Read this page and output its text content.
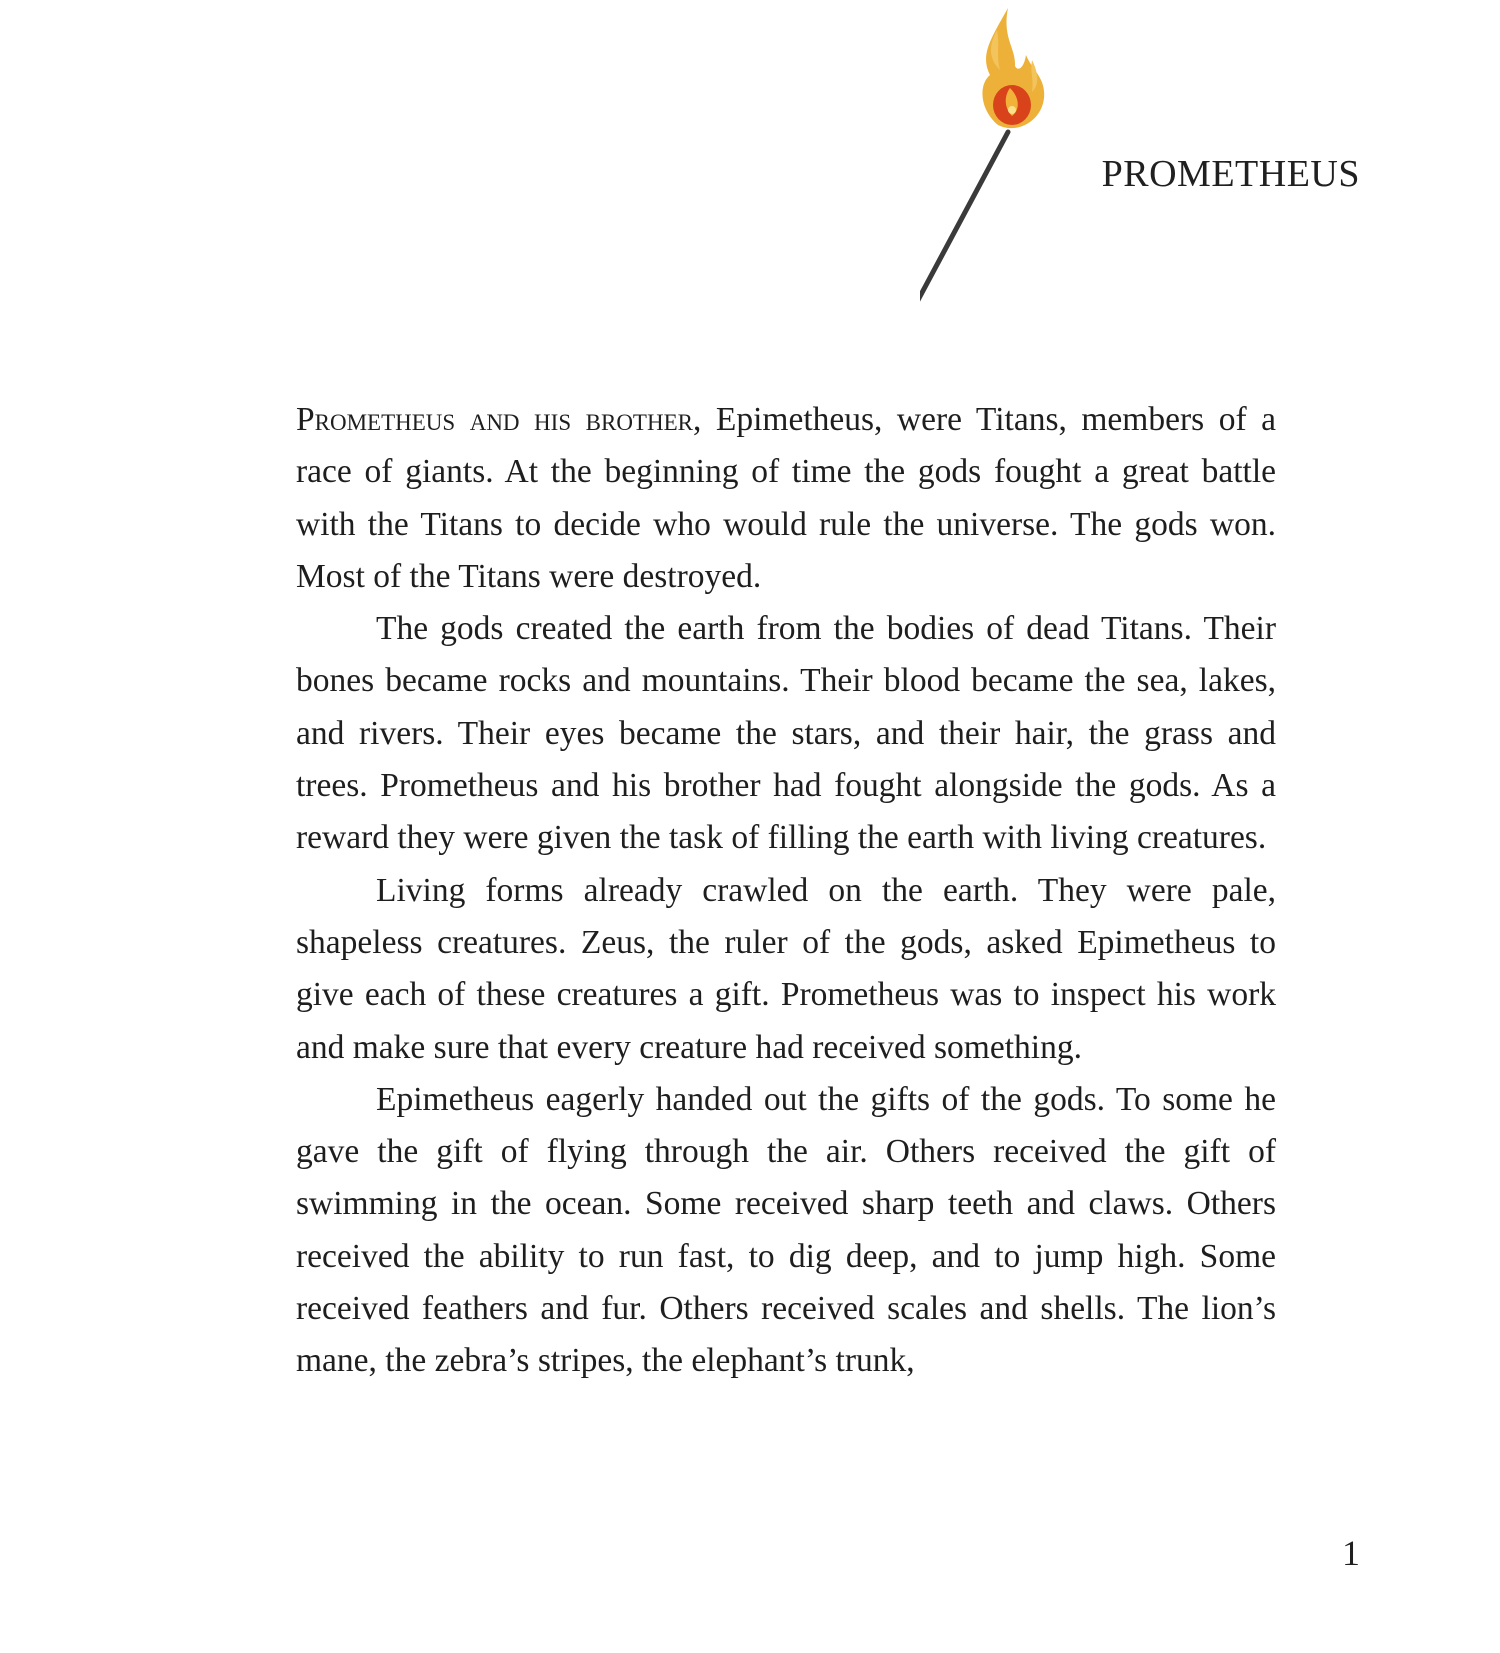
PROMETHEUS

Prometheus and his brother, Epimetheus, were Titans, members of a race of giants. At the beginning of time the gods fought a great battle with the Titans to decide who would rule the universe. The gods won. Most of the Titans were destroyed.

The gods created the earth from the bodies of dead Titans. Their bones became rocks and mountains. Their blood became the sea, lakes, and rivers. Their eyes became the stars, and their hair, the grass and trees. Prometheus and his brother had fought alongside the gods. As a reward they were given the task of filling the earth with living creatures.

Living forms already crawled on the earth. They were pale, shapeless creatures. Zeus, the ruler of the gods, asked Epimetheus to give each of these creatures a gift. Prometheus was to inspect his work and make sure that every creature had received something.

Epimetheus eagerly handed out the gifts of the gods. To some he gave the gift of flying through the air. Others received the gift of swimming in the ocean. Some received sharp teeth and claws. Others received the ability to run fast, to dig deep, and to jump high. Some received feathers and fur. Others received scales and shells. The lion’s mane, the zebra’s stripes, the elephant’s trunk,

1
